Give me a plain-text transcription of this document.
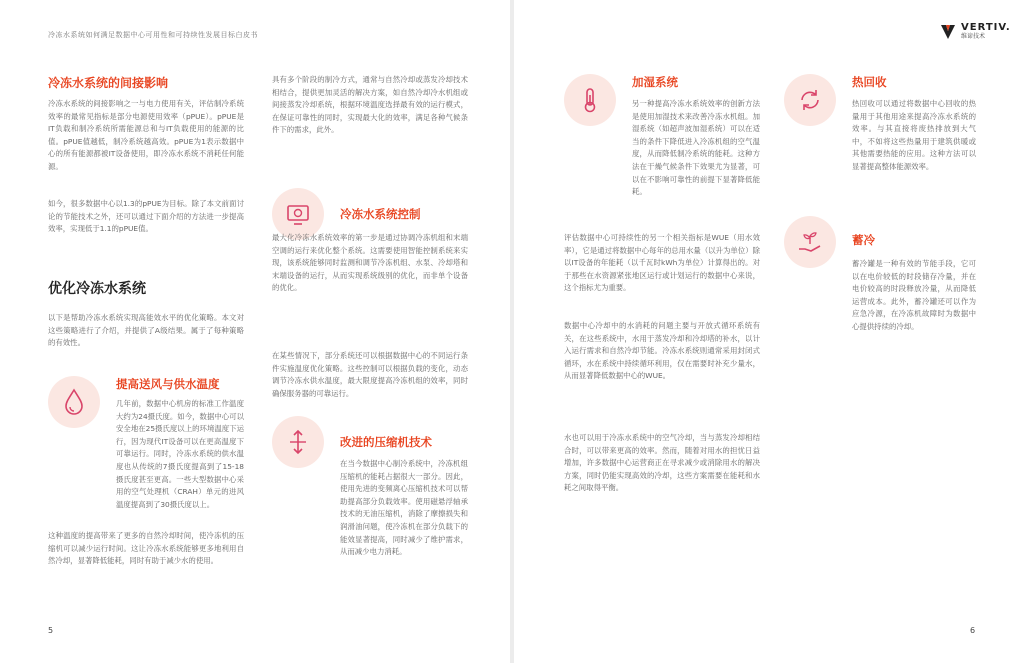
冷冻水系统如何满足数据中心可用性和可持续性发展目标白皮书
VERTIV.
维谛技术
冷冻水系统的间接影响
冷冻水系统的间接影响之一与电力使用有关，评估制冷系统效率的最常见指标是部分电源使用效率（pPUE）。pPUE是IT负载和制冷系统所需能源总和与IT负载使用的能源的比值。pPUE值越低，制冷系统越高效。pPUE为1表示数据中心的所有能源都被IT设备使用，即冷冻水系统不消耗任何能源。
如今，很多数据中心以1.3的pPUE为目标。除了本文前面讨论的节能技术之外，还可以通过下面介绍的方法进一步提高效率，实现低于1.1的pPUE值。
优化冷冻水系统
以下是帮助冷冻水系统实现高能效水平的优化策略。本文对这些策略进行了介绍，并提供了A级结果。属于了每种策略的有效性。
提高送风与供水温度
几年前，数据中心机房的标准工作温度大约为24摄氏度。如今，数据中心可以安全地在25摄氏度以上的环境温度下运行，因为现代IT设备可以在更高温度下可靠运行。同时，冷冻水系统的供水温度也从传统的7摄氏度提高到了15-18摄氏度甚至更高。一些大型数据中心采用的空气处理机（CRAH）单元的进风温度提高到了30摄氏度以上。
这种温度的提高带来了更多的自然冷却时间，使冷冻机的压缩机可以减少运行时间。这让冷冻水系统能够更多地利用自然冷却，显著降低能耗，同时有助于减少水的使用。
具有多个阶段的制冷方式，通常与自然冷却或蒸发冷却技术相结合，提供更加灵活的解决方案，如自然冷却冷水机组或间接蒸发冷却系统，根据环境温度选择最有效的运行模式，在保证可靠性的同时，实现最大化的效率，满足各种气候条件下的需求，此外。
冷冻水系统控制
最大化冷冻水系统效率的第一步是通过协调冷冻机组和末端空调的运行来优化整个系统。这需要使用智能控制系统来实现，该系统能够同时监测和调节冷冻机组、水泵、冷却塔和末端设备的运行，从而实现系统级别的优化，而非单个设备的优化。
在某些情况下，部分系统还可以根据数据中心的不同运行条件实施温度优化策略。这些控制可以根据负载的变化，动态调节冷冻水供水温度，最大限度提高冷冻机组的效率，同时确保服务器的可靠运行。
改进的压缩机技术
在当今数据中心制冷系统中，冷冻机组压缩机的能耗占据很大一部分。因此，使用先进的变频离心压缩机技术可以帮助提高部分负载效率。使用磁悬浮轴承技术的无油压缩机，消除了摩擦损失和润滑油问题，使冷冻机在部分负载下的能效显著提高，同时减少了维护需求，从而减少电力消耗。
加湿系统
另一种提高冷冻水系统效率的创新方法是使用加湿技术来改善冷冻水机组。加湿系统（如超声波加湿系统）可以在适当的条件下降低进入冷冻机组的空气温度，从而降低制冷系统的能耗。这种方法在干燥气候条件下效果尤为显著，可以在不影响可靠性的前提下显著降低能耗。
评估数据中心可持续性的另一个相关指标是WUE（用水效率），它是通过将数据中心每年的总用水量（以升为单位）除以IT设备的年能耗（以千瓦时kWh为单位）计算得出的。对于那些在水资源紧张地区运行或计划运行的数据中心来说，这个指标尤为重要。
数据中心冷却中的水消耗的问题主要与开放式循环系统有关，在这些系统中，水用于蒸发冷却和冷却塔的补水，以计入运行需求和自然冷却节能。冷冻水系统则通常采用封闭式循环，水在系统中持续循环利用，仅在需要时补充少量水，从而显著降低数据中心的WUE。
水也可以用于冷冻水系统中的空气冷却，当与蒸发冷却相结合时，可以带来更高的效率。然而，随着对用水的担忧日益增加，许多数据中心运营商正在寻求减少或消除用水的解决方案，同时仍能实现高效的冷却，这些方案需要在能耗和水耗之间取得平衡。
热回收
热回收可以通过将数据中心回收的热量用于其他用途来提高冷冻水系统的效率。与其直接将废热排放到大气中，不如将这些热量用于建筑供暖或其他需要热能的应用。这种方法可以显著提高整体能源效率。
蓄冷
蓄冷罐是一种有效的节能手段，它可以在电价较低的时段储存冷量，并在电价较高的时段释放冷量，从而降低运营成本。此外，蓄冷罐还可以作为应急冷源，在冷冻机故障时为数据中心提供持续的冷却。
5	6
